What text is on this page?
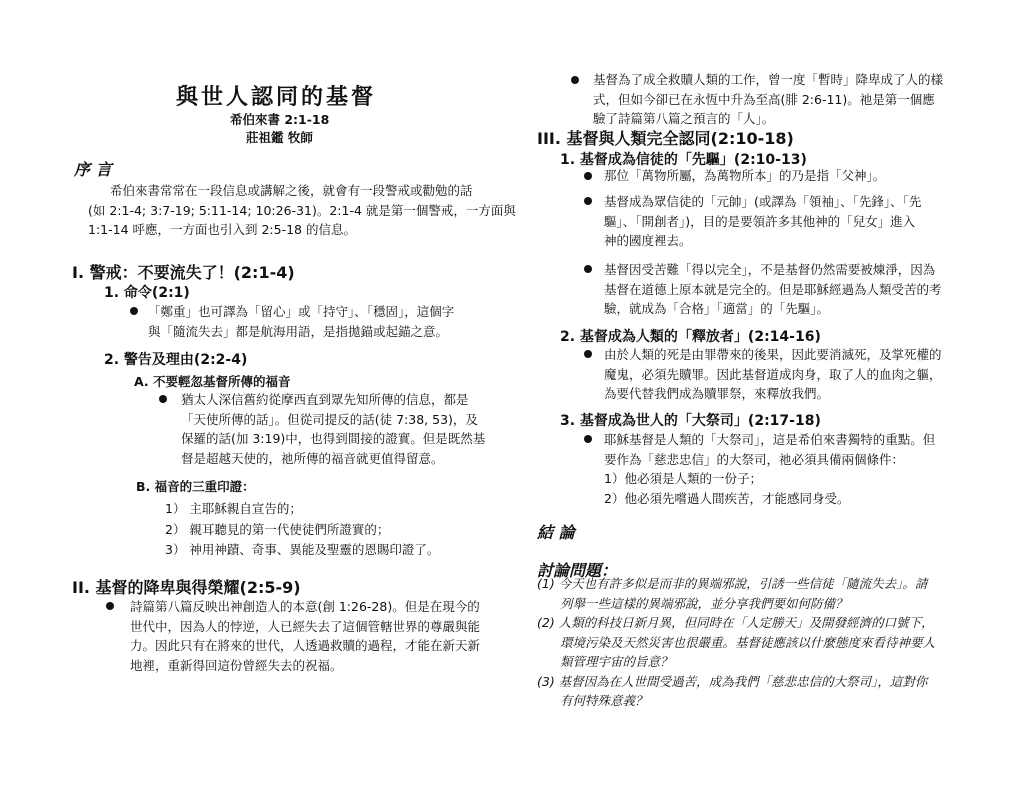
與世人認同的基督
希伯來書 2:1-18
莊祖鑑 牧師
序 言
希伯來書常常在一段信息或講解之後，就會有一段警戒或勸勉的話
(如 2:1-4; 3:7-19; 5:11-14; 10:26-31)。2:1-4 就是第一個警戒，一方面與
1:1-14 呼應，一方面也引入到 2:5-18 的信息。
I. 警戒：不要流失了！(2:1-4)
1. 命令(2:1)
「鄭重」也可譯為「留心」或「持守」、「穩固」，這個字
與「隨流失去」都是航海用語，是指拋錨或起錨之意。
2. 警告及理由(2:2-4)
A. 不要輕忽基督所傳的福音
猶太人深信舊約從摩西直到眾先知所傳的信息，都是
「天使所傳的話」。但從司提反的話(徒 7:38, 53)，及
保羅的話(加 3:19)中，也得到間接的證實。但是既然基
督是超越天使的，祂所傳的福音就更值得留意。
B. 福音的三重印證：
1） 主耶穌親自宣告的；
2） 親耳聽見的第一代使徒們所證實的；
3） 神用神蹟、奇事、異能及聖靈的恩賜印證了。
II. 基督的降卑與得榮耀(2:5-9)
詩篇第八篇反映出神創造人的本意(創 1:26-28)。但是在現今的
世代中，因為人的悖逆，人已經失去了這個管轄世界的尊嚴與能
力。因此只有在將來的世代，人透過救贖的過程，才能在新天新
地裡，重新得回這份曾經失去的祝福。
基督為了成全救贖人類的工作，曾一度「暫時」降卑成了人的樣
式，但如今卻已在永恆中升為至高(腓 2:6-11)。祂是第一個應
驗了詩篇第八篇之預言的「人」。
III. 基督與人類完全認同(2:10-18)
1. 基督成為信徒的「先驅」(2:10-13)
那位「萬物所屬，為萬物所本」的乃是指「父神」。
基督成為眾信徒的「元帥」(或譯為「領袖」、「先鋒」、「先
驅」、「開創者」)，目的是要領許多其他神的「兒女」進入
神的國度裡去。
基督因受苦難「得以完全」，不是基督仍然需要被煉淨，因為
基督在道德上原本就是完全的。但是耶穌經過為人類受苦的考
驗，就成為「合格」「適當」的「先驅」。
2. 基督成為人類的「釋放者」(2:14-16)
由於人類的死是由罪帶來的後果，因此要消滅死，及掌死權的
魔鬼，必須先贖罪。因此基督道成肉身，取了人的血肉之軀，
為要代替我們成為贖罪祭，來釋放我們。
3. 基督成為世人的「大祭司」(2:17-18)
耶穌基督是人類的「大祭司」，這是希伯來書獨特的重點。但
要作為「慈悲忠信」的大祭司，祂必須具備兩個條件：
1）他必須是人類的一份子；
2）他必須先嚐過人間疾苦，才能感同身受。
結 論
討論問題：
(1) 今天也有許多似是而非的異端邪說，引誘一些信徒「隨流失去」。請
列舉一些這樣的異端邪說，並分享我們要如何防備？
(2) 人類的科技日新月異，但同時在「人定勝天」及開發經濟的口號下，
環境污染及天然災害也很嚴重。基督徒應該以什麼態度來看待神要人
類管理宇宙的旨意？
(3) 基督因為在人世間受過苦，成為我們「慈悲忠信的大祭司」，這對你
有何特殊意義？
